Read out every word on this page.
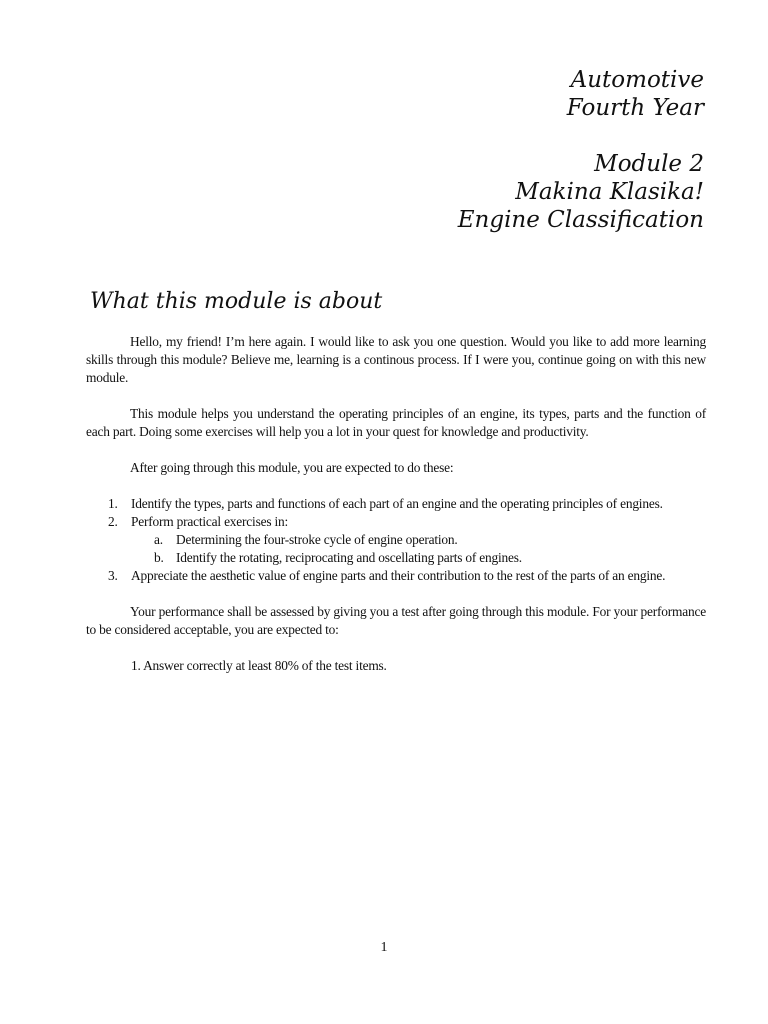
Automotive
Fourth Year
Module 2
Makina Klasika!
Engine Classification
What this module is about

Hello, my friend! I’m here again. I would like to ask you one question. Would you like to add more learning skills through this module? Believe me, learning is a continous process. If I were you, continue going on with this new module.

This module helps you understand the operating principles of an engine, its types, parts and the function of each part. Doing some exercises will help you a lot in your quest for knowledge and productivity.

After going through this module, you are expected to do these:

1. Identify the types, parts and functions of each part of an engine and the operating principles of engines.
2. Perform practical exercises in:
a. Determining the four-stroke cycle of engine operation.
b. Identify the rotating, reciprocating and oscellating parts of engines.
3. Appreciate the aesthetic value of engine parts and their contribution to the rest of the parts of an engine.

Your performance shall be assessed by giving you a test after going through this module. For your performance to be considered acceptable, you are expected to:

1. Answer correctly at least 80% of the test items.

1
